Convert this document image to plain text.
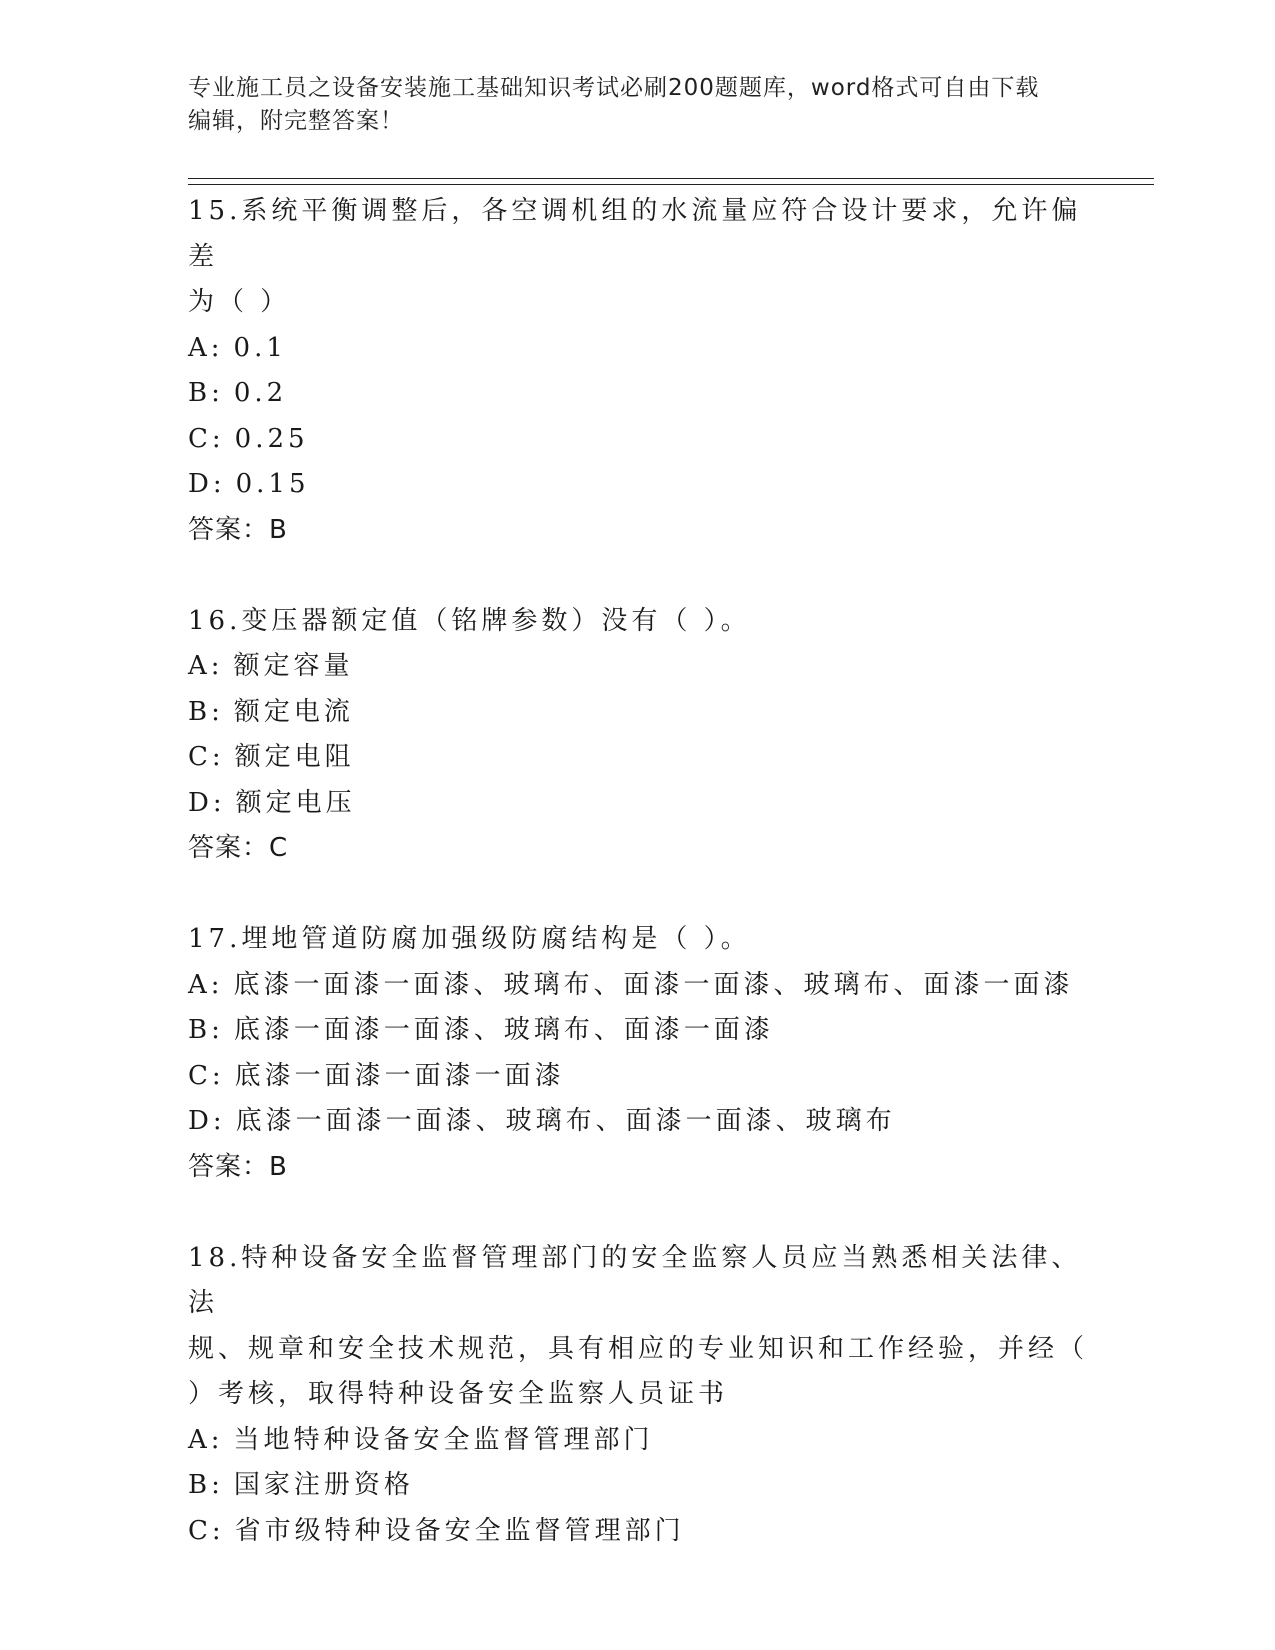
专业施工员之设备安装施工基础知识考试必刷200题题库，word格式可自由下载
编辑，附完整答案！
15.系统平衡调整后，各空调机组的水流量应符合设计要求，允许偏差
为（ ）
A: 0.1
B: 0.2
C: 0.25
D: 0.15
答案：B
16.变压器额定值（铭牌参数）没有（ ）。
A: 额定容量
B: 额定电流
C: 额定电阻
D: 额定电压
答案：C
17.埋地管道防腐加强级防腐结构是（ ）。
A: 底漆一面漆一面漆、玻璃布、面漆一面漆、玻璃布、面漆一面漆
B: 底漆一面漆一面漆、玻璃布、面漆一面漆
C: 底漆一面漆一面漆一面漆
D: 底漆一面漆一面漆、玻璃布、面漆一面漆、玻璃布
答案：B
18.特种设备安全监督管理部门的安全监察人员应当熟悉相关法律、法
规、规章和安全技术规范，具有相应的专业知识和工作经验，并经（
）考核，取得特种设备安全监察人员证书
A: 当地特种设备安全监督管理部门
B: 国家注册资格
C: 省市级特种设备安全监督管理部门
